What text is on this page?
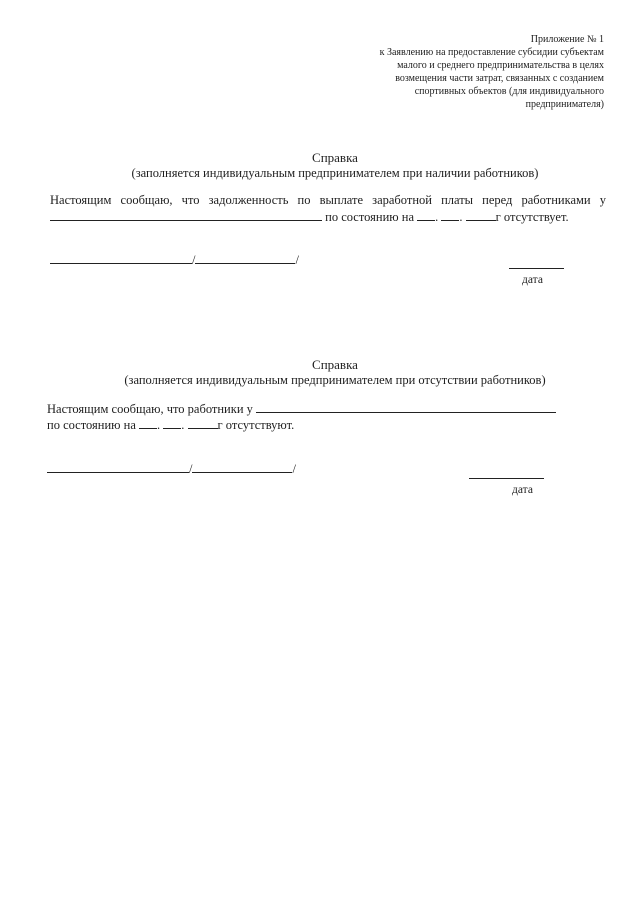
Приложение № 1
к Заявлению на предоставление субсидии субъектам
малого и среднего предпринимательства в целях
возмещения части затрат, связанных с созданием
спортивных объектов (для индивидуального
предпринимателя)
Справка
(заполняется индивидуальным предпринимателем при наличии работников)
Настоящим сообщаю, что задолженность по выплате заработной платы перед работниками у
по состоянию на . .	г отсутствует.
/	/
дата
Справка
(заполняется индивидуальным предпринимателем при отсутствии работников)
Настоящим сообщаю, что работники у
по состоянию на . .	г отсутствуют.
/	/
дата
